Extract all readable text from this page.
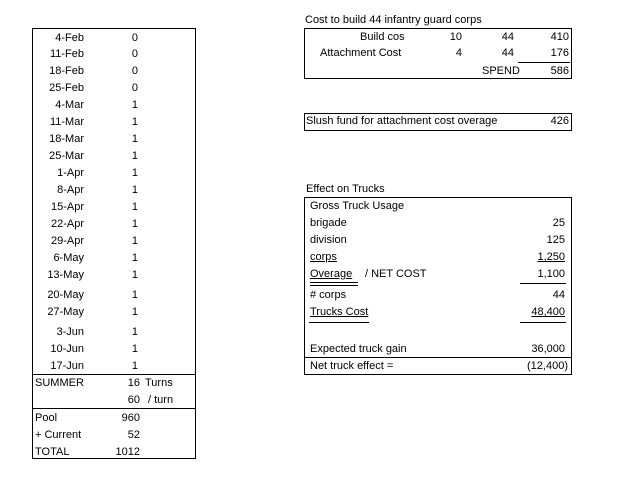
4-Feb	0
11-Feb	0
18-Feb	0
25-Feb	0
4-Mar	1
11-Mar	1
18-Mar	1
25-Mar	1
1-Apr	1
8-Apr	1
15-Apr	1
22-Apr	1
29-Apr	1
6-May	1
13-May	1
20-May	1
27-May	1
3-Jun	1
10-Jun	1
17-Jun	1
SUMMER	16 Turns
60 / turn
Pool	960
+ Current	52
TOTAL	1012
Cost to build 44 infantry guard corps
Build cos	10	44	410
Attachment Cost	4	44	176
SPEND	586
Slush fund for attachment cost overage	426
Effect on Trucks
Gross Truck Usage
brigade	25
division	125
corps	1,250
Overage / NET COST	1,100
# corps	44
Trucks Cost	48,400
Expected truck gain	36,000
Net truck effect =	(12,400)
